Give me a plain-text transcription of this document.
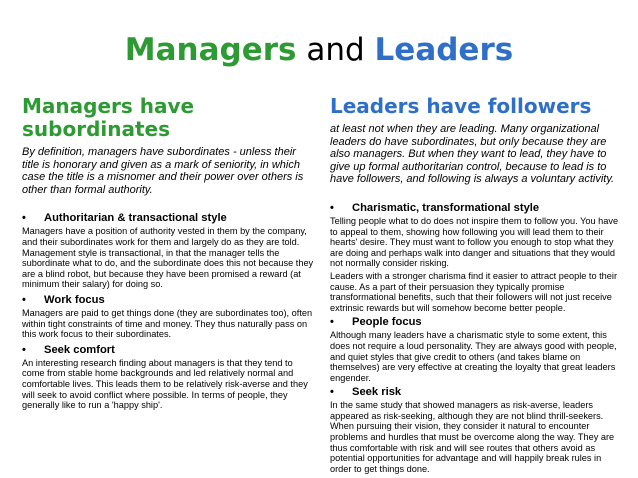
Managers and Leaders
Managers have subordinates

By definition, managers have subordinates - unless their title is honorary and given as a mark of seniority, in which case the title is a misnomer and their power over others is other than formal authority.

•	Authoritarian & transactional style

Managers have a position of authority vested in them by the company, and their subordinates work for them and largely do as they are told. Management style is transactional, in that the manager tells the subordinate what to do, and the subordinate does this not because they are a blind robot, but because they have been promised a reward (at minimum their salary) for doing so.

•	Work focus

Managers are paid to get things done (they are subordinates too), often within tight constraints of time and money. They thus naturally pass on this work focus to their subordinates.

•	Seek comfort

An interesting research finding about managers is that they tend to come from stable home backgrounds and led relatively normal and comfortable lives. This leads them to be relatively risk-averse and they will seek to avoid conflict where possible. In terms of people, they generally like to run a 'happy ship'.

Leaders have followers

at least not when they are leading. Many organizational leaders do have subordinates, but only because they are also managers. But when they want to lead, they have to give up formal authoritarian control, because to lead is to have followers, and following is always a voluntary activity.

•	Charismatic, transformational style

Telling people what to do does not inspire them to follow you. You have to appeal to them, showing how following you will lead them to their hearts' desire. They must want to follow you enough to stop what they are doing and perhaps walk into danger and situations that they would not normally consider risking.

Leaders with a stronger charisma find it easier to attract people to their cause. As a part of their persuasion they typically promise transformational benefits, such that their followers will not just receive extrinsic rewards but will somehow become better people.

•	People focus

Although many leaders have a charismatic style to some extent, this does not require a loud personality. They are always good with people, and quiet styles that give credit to others (and takes blame on themselves) are very effective at creating the loyalty that great leaders engender.

•	Seek risk

In the same study that showed managers as risk-averse, leaders appeared as risk-seeking, although they are not blind thrill-seekers. When pursuing their vision, they consider it natural to encounter problems and hurdles that must be overcome along the way. They are thus comfortable with risk and will see routes that others avoid as potential opportunities for advantage and will happily break rules in order to get things done.
